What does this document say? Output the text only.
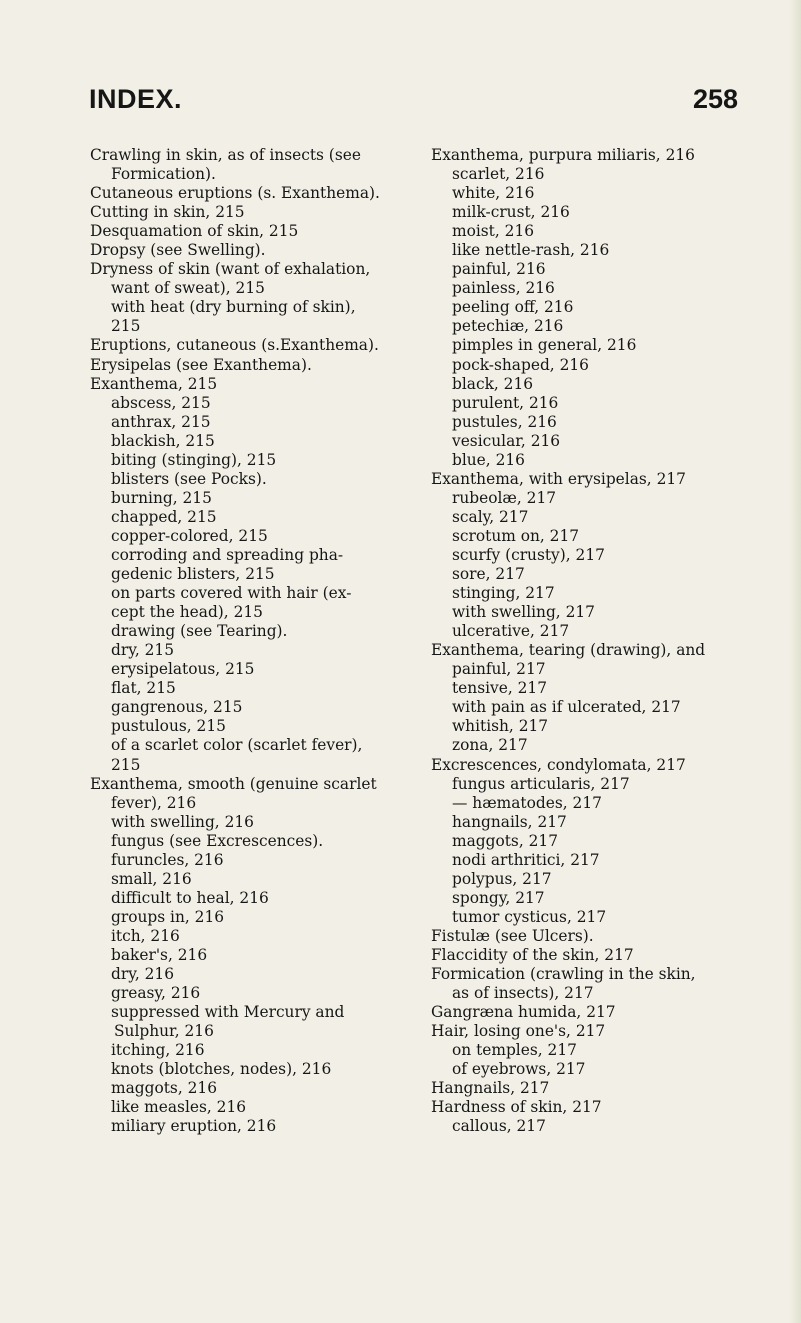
INDEX.	258
Crawling in skin, as of insects (see
Formication).
Cutaneous eruptions (s. Exanthema).
Cutting in skin, 215
Desquamation of skin, 215
Dropsy (see Swelling).
Dryness of skin (want of exhalation,
want of sweat), 215
with heat (dry burning of skin),
215
Eruptions, cutaneous (s.Exanthema).
Erysipelas (see Exanthema).
Exanthema, 215
abscess, 215
anthrax, 215
blackish, 215
biting (stinging), 215
blisters (see Pocks).
burning, 215
chapped, 215
copper-colored, 215
corroding and spreading pha-
gedenic blisters, 215
on parts covered with hair (ex-
cept the head), 215
drawing (see Tearing).
dry, 215
erysipelatous, 215
flat, 215
gangrenous, 215
pustulous, 215
of a scarlet color (scarlet fever),
215
Exanthema, smooth (genuine scarlet
fever), 216
with swelling, 216
fungus (see Excrescences).
furuncles, 216
small, 216
difficult to heal, 216
groups in, 216
itch, 216
baker's, 216
dry, 216
greasy, 216
suppressed with Mercury and
Sulphur, 216
itching, 216
knots (blotches, nodes), 216
maggots, 216
like measles, 216
miliary eruption, 216
Exanthema, purpura miliaris, 216
scarlet, 216
white, 216
milk-crust, 216
moist, 216
like nettle-rash, 216
painful, 216
painless, 216
peeling off, 216
petechiæ, 216
pimples in general, 216
pock-shaped, 216
black, 216
purulent, 216
pustules, 216
vesicular, 216
blue, 216
Exanthema, with erysipelas, 217
rubeolæ, 217
scaly, 217
scrotum on, 217
scurfy (crusty), 217
sore, 217
stinging, 217
with swelling, 217
ulcerative, 217
Exanthema, tearing (drawing), and
painful, 217
tensive, 217
with pain as if ulcerated, 217
whitish, 217
zona, 217
Excrescences, condylomata, 217
fungus articularis, 217
— hæmatodes, 217
hangnails, 217
maggots, 217
nodi arthritici, 217
polypus, 217
spongy, 217
tumor cysticus, 217
Fistulæ (see Ulcers).
Flaccidity of the skin, 217
Formication (crawling in the skin,
as of insects), 217
Gangræna humida, 217
Hair, losing one's, 217
on temples, 217
of eyebrows, 217
Hangnails, 217
Hardness of skin, 217
callous, 217
